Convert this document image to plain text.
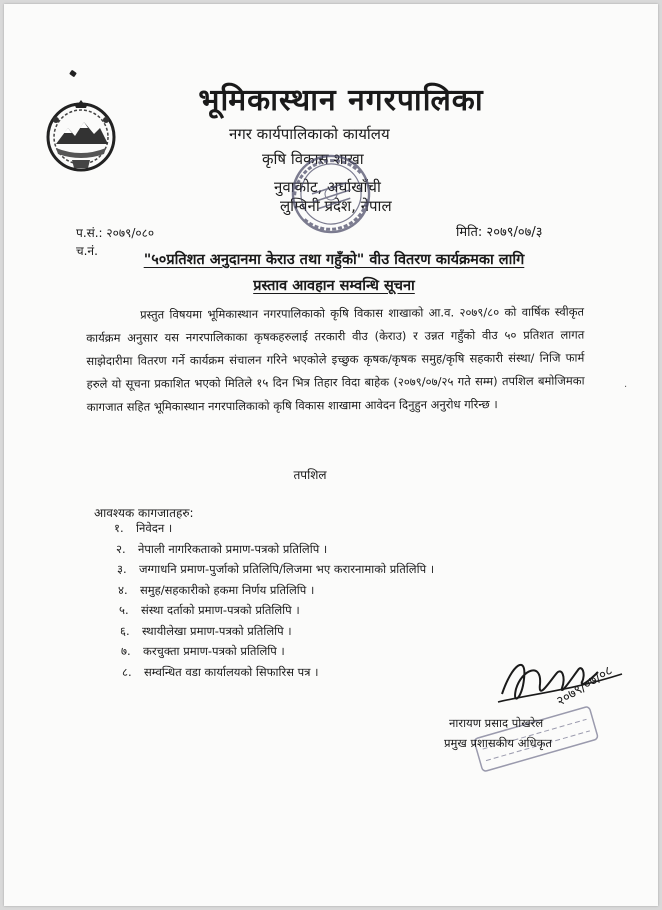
भूमिकास्थान नगरपालिका
नगर कार्यपालिकाको कार्यालय
कृषि विकास शाखा
नुवाकोट, अर्घाखाँची
लुम्बिनी प्रदेश, नेपाल
प.सं.: २०७९/०८०
च.नं.
मिति: २०७९/०७/३
"५०प्रतिशत अनुदानमा केराउ तथा गहुँको" वीउ वितरण कार्यक्रमका लागि
प्रस्ताव आवहान सम्वन्धि सूचना
प्रस्तुत विषयमा भूमिकास्थान नगरपालिकाको कृषि विकास शाखाको आ.व. २०७९/८० को वार्षिक स्वीकृत कार्यक्रम अनुसार यस नगरपालिकाका कृषकहरुलाई तरकारी वीउ (केराउ) र उन्नत गहुँको वीउ ५० प्रतिशत लागत साझेदारीमा वितरण गर्ने कार्यक्रम संचालन गरिने भएकोले इच्छुक कृषक/कृषक समुह/कृषि सहकारी संस्था/ निजि फार्म हरुले यो सूचना प्रकाशित भएको मितिले १५ दिन भित्र तिहार विदा बाहेक (२०७९/०७/२५ गते सम्म) तपशिल बमोजिमका कागजात सहित भूमिकास्थान नगरपालिकाको कृषि विकास शाखामा आवेदन दिनुहुन अनुरोध गरिन्छ ।
·
तपशिल
आवश्यक कागजातहरु:
१. निवेदन ।
२. नेपाली नागरिकताको प्रमाण-पत्रको प्रतिलिपि ।
३. जग्गाधनि प्रमाण-पुर्जाको प्रतिलिपि/लिजमा भए करारनामाको प्रतिलिपि ।
४. समुह/सहकारीको हकमा निर्णय प्रतिलिपि ।
५. संस्था दर्ताको प्रमाण-पत्रको प्रतिलिपि ।
६. स्थायीलेखा प्रमाण-पत्रको प्रतिलिपि ।
७. करचुक्ता प्रमाण-पत्रको प्रतिलिपि ।
८. सम्वन्धित वडा कार्यालयको सिफारिस पत्र ।	२०७९/०७/०८
नारायण प्रसाद पोखरेल
प्रमुख प्रशासकीय अधिकृत
